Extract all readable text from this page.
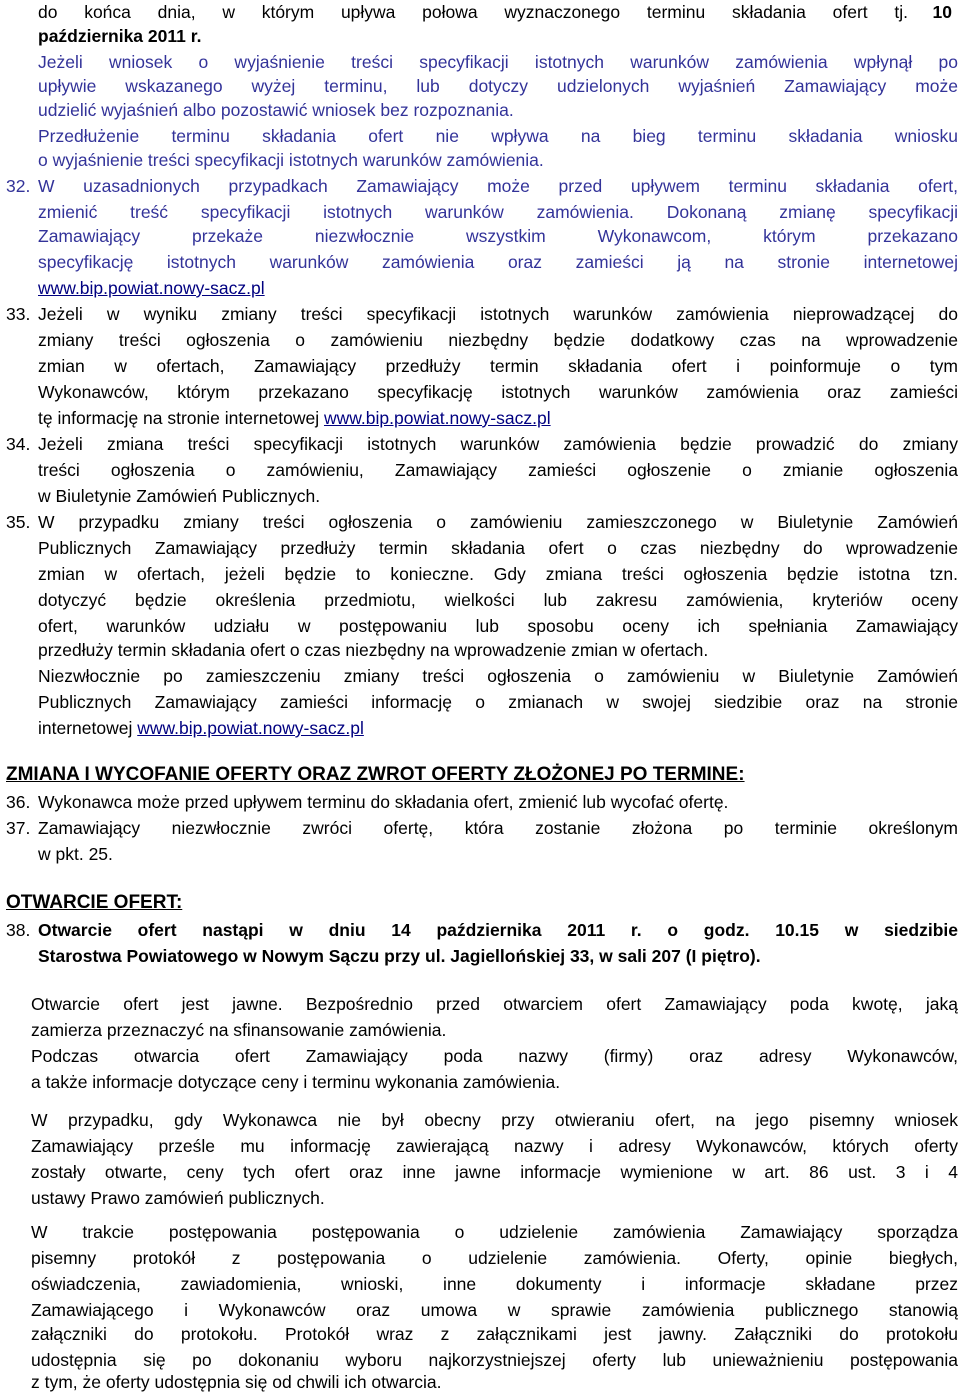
10
do końca dnia, w którym upływa połowa wyznaczonego terminu składania ofert tj.
października 2011 r.
Jeżeli wniosek o wyjaśnienie treści specyfikacji istotnych warunków zamówienia wpłynął po
upływie wskazanego wyżej terminu, lub dotyczy udzielonych wyjaśnień Zamawiający może
udzielić wyjaśnień albo pozostawić wniosek bez rozpoznania.
Przedłużenie terminu składania ofert nie wpływa na bieg terminu składania wniosku
o wyjaśnienie treści specyfikacji istotnych warunków zamówienia.
32. W uzasadnionych przypadkach Zamawiający może przed upływem terminu składania ofert,
zmienić treść specyfikacji istotnych warunków zamówienia. Dokonaną zmianę specyfikacji
Zamawiający przekaże niezwłocznie wszystkim Wykonawcom, którym przekazano
specyfikację istotnych warunków zamówienia oraz zamieści ją na stronie internetowej
www.bip.powiat.nowy-sacz.pl
33. Jeżeli w wyniku zmiany treści specyfikacji istotnych warunków zamówienia nieprowadzącej do
zmiany treści ogłoszenia o zamówieniu niezbędny będzie dodatkowy czas na wprowadzenie
zmian w ofertach, Zamawiający przedłuży termin składania ofert i poinformuje o tym
Wykonawców, którym przekazano specyfikację istotnych warunków zamówienia oraz zamieści
tę informację na stronie internetowej www.bip.powiat.nowy-sacz.pl
34. Jeżeli zmiana treści specyfikacji istotnych warunków zamówienia będzie prowadzić do zmiany
treści ogłoszenia o zamówieniu, Zamawiający zamieści ogłoszenie o zmianie ogłoszenia
w Biuletynie Zamówień Publicznych.
35. W przypadku zmiany treści ogłoszenia o zamówieniu zamieszczonego w Biuletynie Zamówień
Publicznych Zamawiający przedłuży termin składania ofert o czas niezbędny do wprowadzenie
zmian w ofertach, jeżeli będzie to konieczne. Gdy zmiana treści ogłoszenia będzie istotna tzn.
dotyczyć będzie określenia przedmiotu, wielkości lub zakresu zamówienia, kryteriów oceny
ofert, warunków udziału w postępowaniu lub sposobu oceny ich spełniania Zamawiający
przedłuży termin składania ofert o czas niezbędny na wprowadzenie zmian w ofertach.
Niezwłocznie po zamieszczeniu zmiany treści ogłoszenia o zamówieniu w Biuletynie Zamówień
Publicznych Zamawiający zamieści informację o zmianach w swojej siedzibie oraz na stronie
internetowej www.bip.powiat.nowy-sacz.pl
ZMIANA I WYCOFANIE OFERTY ORAZ ZWROT OFERTY ZŁOŻONEJ PO TERMINE:
36. Wykonawca może przed upływem terminu do składania ofert, zmienić lub wycofać ofertę.
37. Zamawiający niezwłocznie zwróci ofertę, która zostanie złożona po terminie określonym
w pkt. 25.
OTWARCIE OFERT:
38. Otwarcie ofert nastąpi w dniu 14 października 2011 r. o godz. 10.15 w siedzibie
Starostwa Powiatowego w Nowym Sączu przy ul. Jagiellońskiej 33, w sali 207 (I piętro).
Otwarcie ofert jest jawne. Bezpośrednio przed otwarciem ofert Zamawiający poda kwotę, jaką
zamierza przeznaczyć na sfinansowanie zamówienia.
Podczas otwarcia ofert Zamawiający poda nazwy (firmy) oraz adresy Wykonawców,
a także informacje dotyczące ceny i terminu wykonania zamówienia.
W przypadku, gdy Wykonawca nie był obecny przy otwieraniu ofert, na jego pisemny wniosek
Zamawiający prześle mu informację zawierającą nazwy i adresy Wykonawców, których oferty
zostały otwarte, ceny tych ofert oraz inne jawne informacje wymienione w art. 86 ust. 3 i 4
ustawy Prawo zamówień publicznych.
W trakcie postępowania postępowania o udzielenie zamówienia Zamawiający sporządza
pisemny protokół z postępowania o udzielenie zamówienia. Oferty, opinie biegłych,
oświadczenia, zawiadomienia, wnioski, inne dokumenty i informacje składane przez
Zamawiającego i Wykonawców oraz umowa w sprawie zamówienia publicznego stanowią
załączniki do protokołu. Protokół wraz z załącznikami jest jawny. Załączniki do protokołu
udostępnia się po dokonaniu wyboru najkorzystniejszej oferty lub unieważnieniu postępowania
z tym, że oferty udostępnia się od chwili ich otwarcia.
